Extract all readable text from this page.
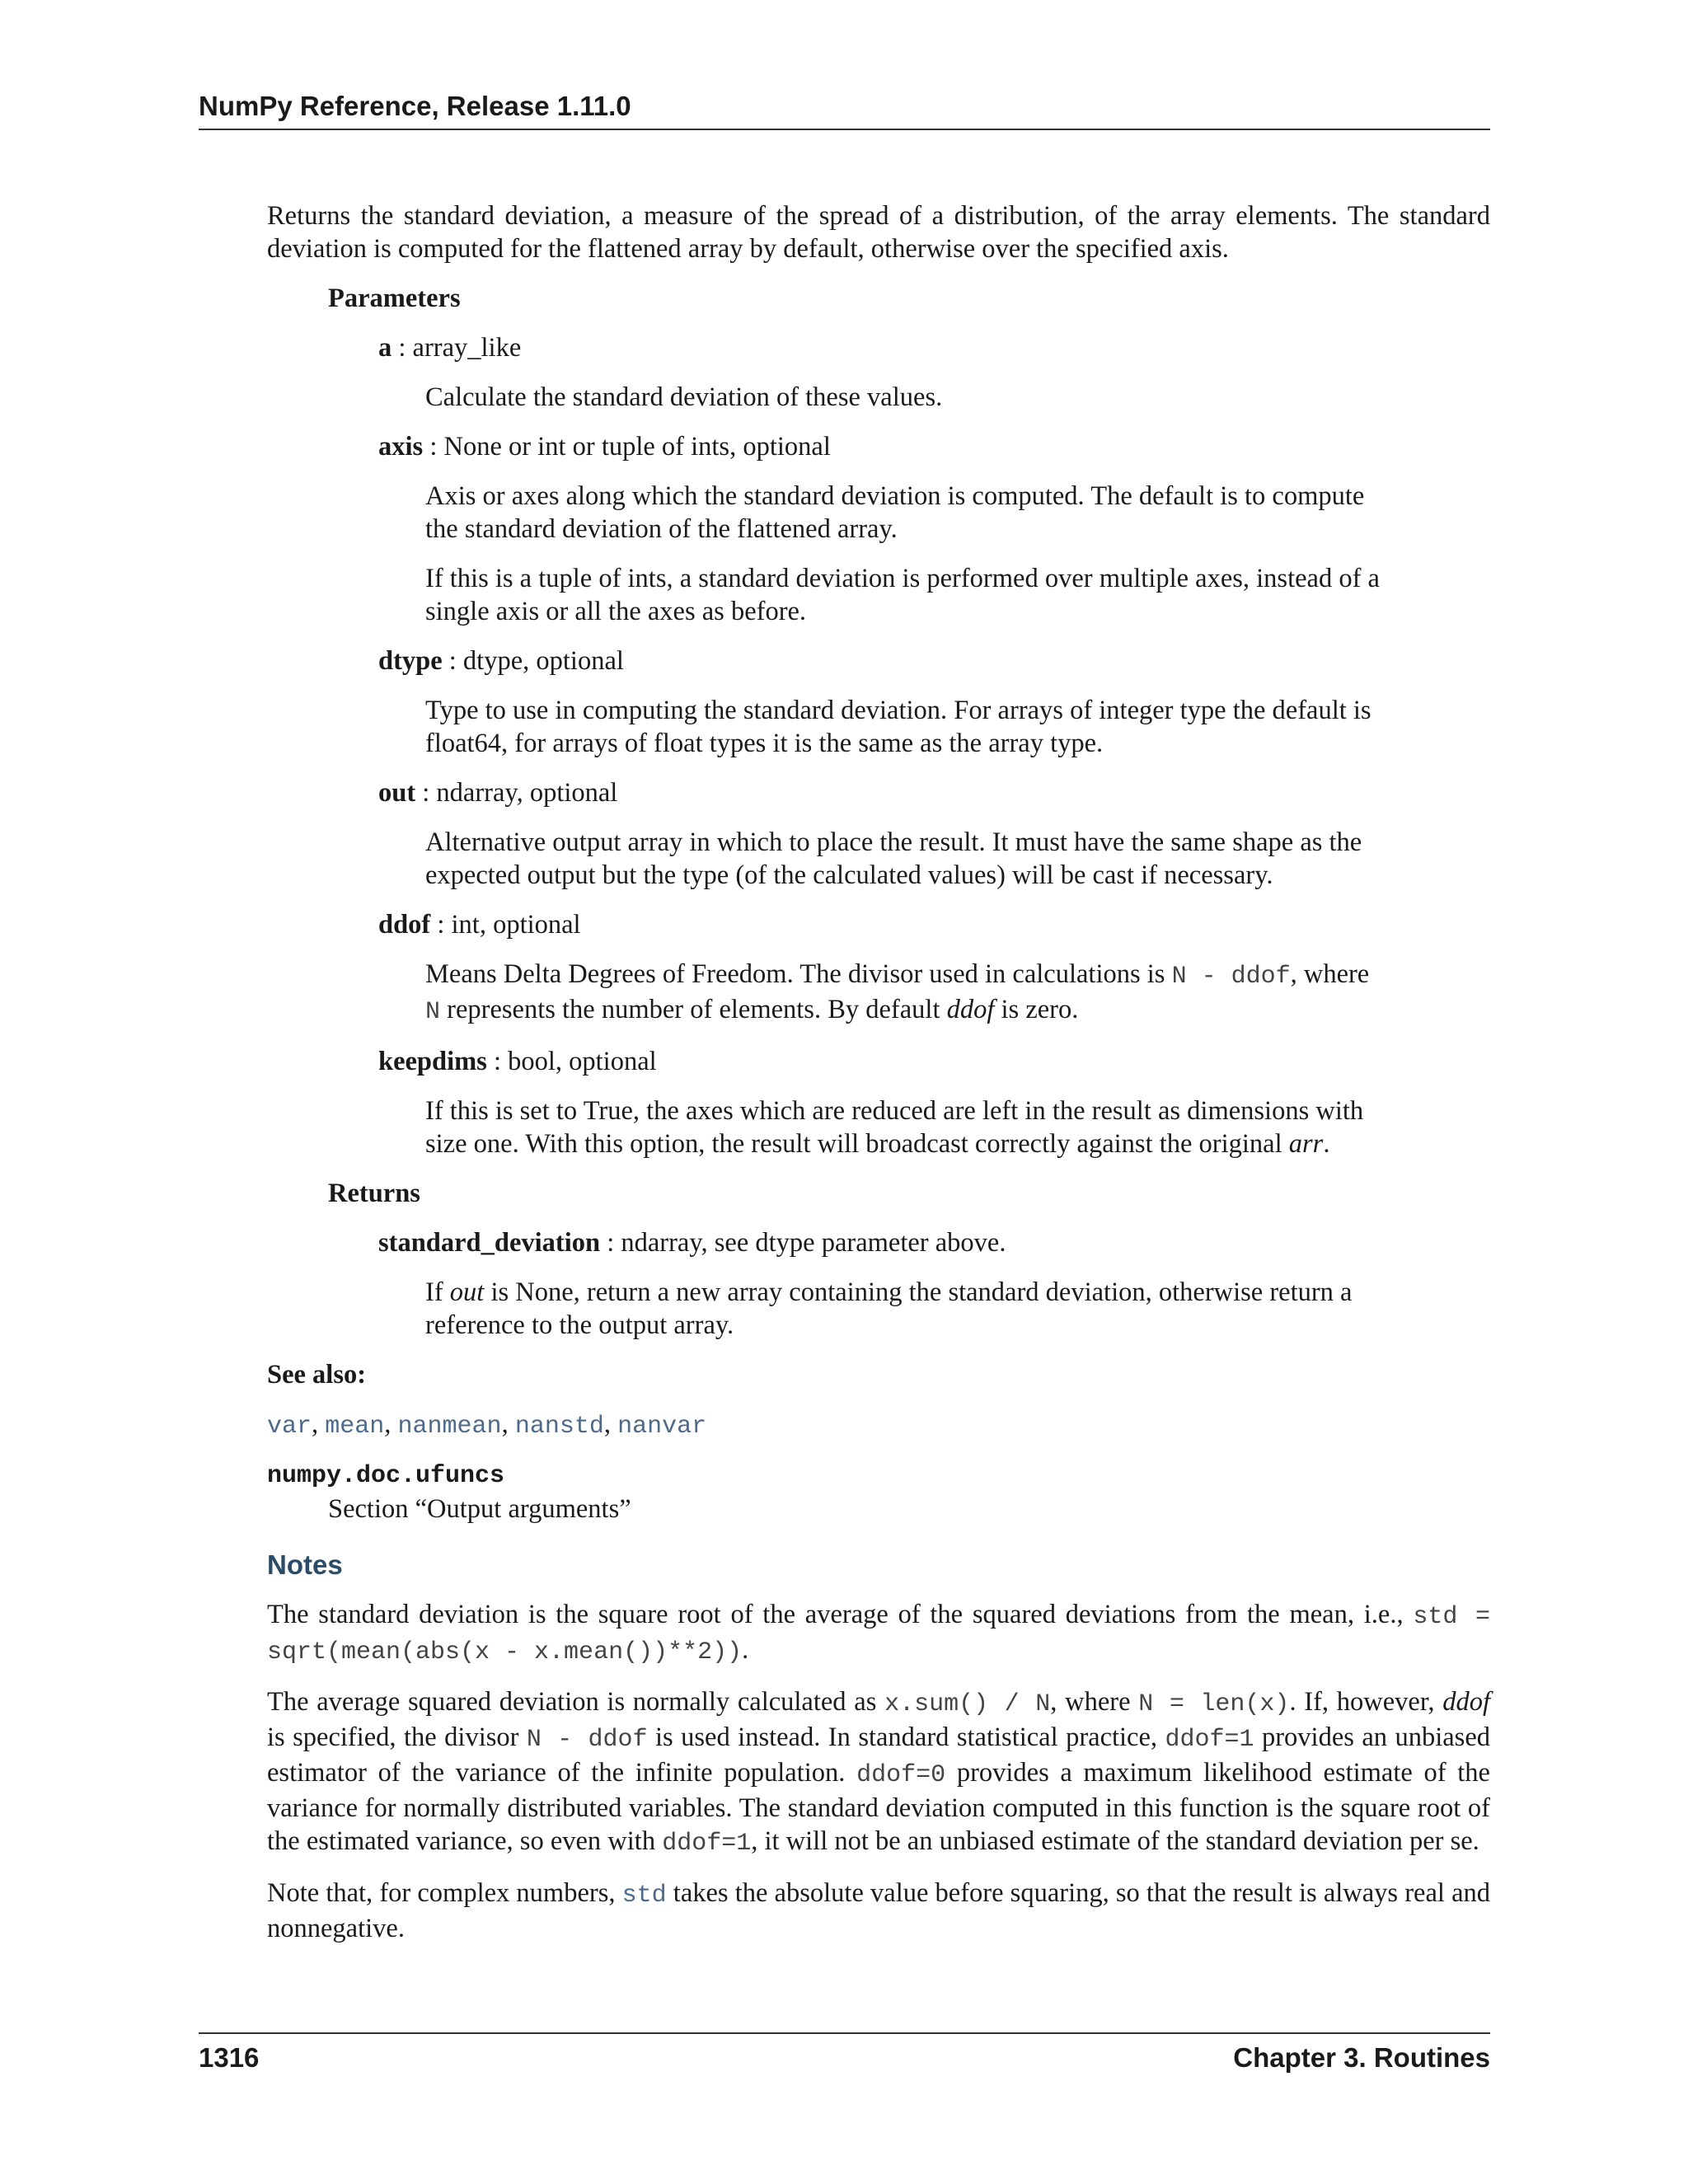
NumPy Reference, Release 1.11.0

Returns the standard deviation, a measure of the spread of a distribution, of the array elements. The standard deviation is computed for the flattened array by default, otherwise over the specified axis.

Parameters
a : array_like

Calculate the standard deviation of these values.

axis : None or int or tuple of ints, optional

Axis or axes along which the standard deviation is computed. The default is to compute the standard deviation of the flattened array.

If this is a tuple of ints, a standard deviation is performed over multiple axes, instead of a single axis or all the axes as before.

dtype : dtype, optional

Type to use in computing the standard deviation. For arrays of integer type the default is float64, for arrays of float types it is the same as the array type.

out : ndarray, optional

Alternative output array in which to place the result. It must have the same shape as the expected output but the type (of the calculated values) will be cast if necessary.

ddof : int, optional

Means Delta Degrees of Freedom. The divisor used in calculations is N - ddof, where N represents the number of elements. By default ddof is zero.

keepdims : bool, optional

If this is set to True, the axes which are reduced are left in the result as dimensions with size one. With this option, the result will broadcast correctly against the original arr.

Returns
standard_deviation : ndarray, see dtype parameter above.

If out is None, return a new array containing the standard deviation, otherwise return a reference to the output array.

See also:
var, mean, nanmean, nanstd, nanvar
numpy.doc.ufuncs
Section “Output arguments”
Notes

The standard deviation is the square root of the average of the squared deviations from the mean, i.e., std = sqrt(mean(abs(x - x.mean())**2)).

The average squared deviation is normally calculated as x.sum() / N, where N = len(x). If, however, ddof is specified, the divisor N - ddof is used instead. In standard statistical practice, ddof=1 provides an unbiased estimator of the variance of the infinite population. ddof=0 provides a maximum likelihood estimate of the variance for normally distributed variables. The standard deviation computed in this function is the square root of the estimated variance, so even with ddof=1, it will not be an unbiased estimate of the standard deviation per se.

Note that, for complex numbers, std takes the absolute value before squaring, so that the result is always real and nonnegative.

1316	Chapter 3. Routines
